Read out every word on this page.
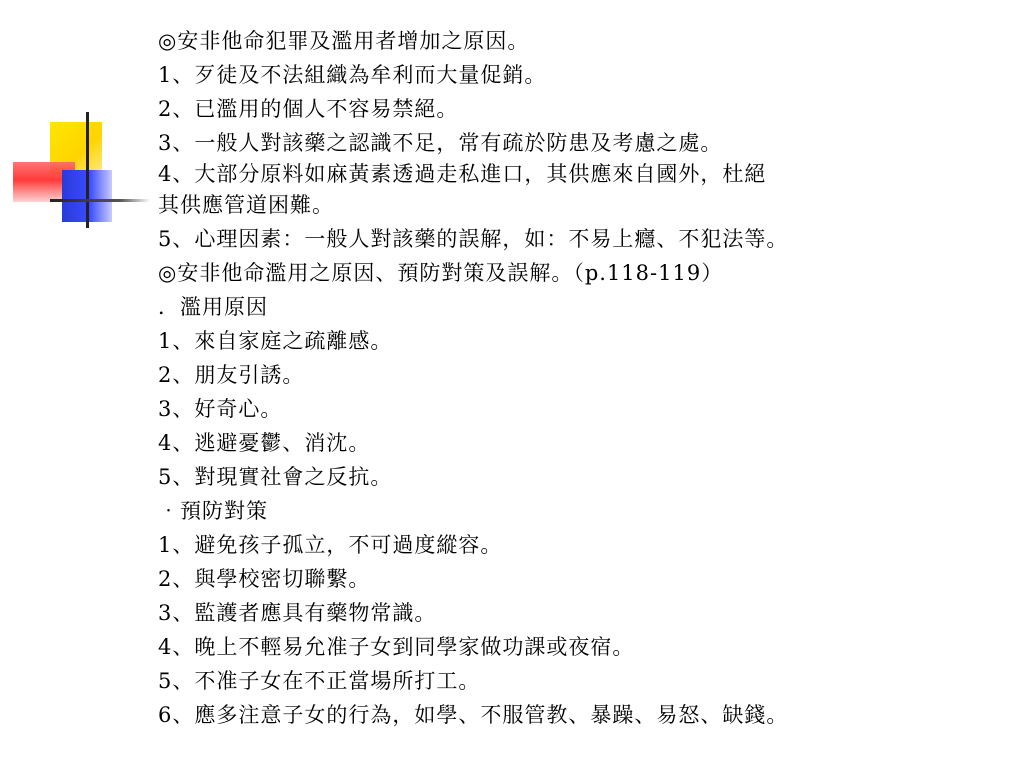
◎安非他命犯罪及濫用者增加之原因。
1、歹徒及不法組織為牟利而大量促銷。
2、已濫用的個人不容易禁絕。
3、一般人對該藥之認識不足，常有疏於防患及考慮之處。
4、大部分原料如麻黃素透過走私進口，其供應來自國外，杜絕
其供應管道困難。
5、心理因素：一般人對該藥的誤解，如：不易上癮、不犯法等。
◎安非他命濫用之原因、預防對策及誤解。（p.118-119）
．濫用原因
1、來自家庭之疏離感。
2、朋友引誘。
3、好奇心。
4、逃避憂鬱、消沈。
5、對現實社會之反抗。
‧預防對策
1、避免孩子孤立，不可過度縱容。
2、與學校密切聯繫。
3、監護者應具有藥物常識。
4、晚上不輕易允准子女到同學家做功課或夜宿。
5、不准子女在不正當場所打工。
6、應多注意子女的行為，如學、不服管教、暴躁、易怒、缺錢。
